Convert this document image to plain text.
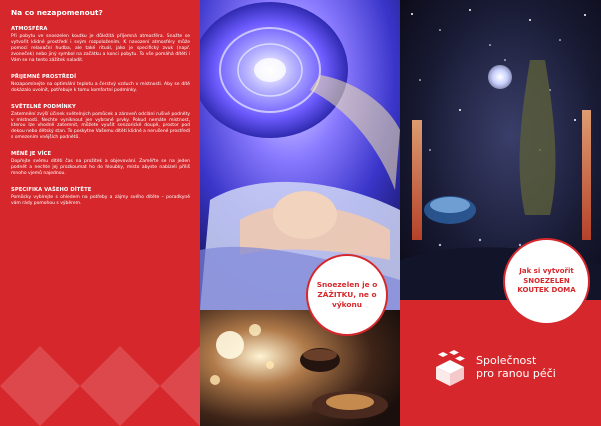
Na co nezapomenout?
ATMOSFÉRA
Při pobytu ve snoezelen koutku je důležitá příjemná atmosféra. Snažte se vytvořit klidné prostředí i svým rozpoložením. K navození atmosféry může pomoci relaxační hudba, ale také rituál, jako je specifický zvuk (např. zvoneček) nebo jiný symbol na začátku a konci pobytu. To vše pomáhá dítěti i Vám se na tento zážitek naladit.
PŘIJEMNÉ PROSTŘEDÍ
Nezapomínejte na optimální teplotu a čerstvý vzduch v místnosti. Aby se dítě dokázalo uvolnit, potřebuje k tomu komfortní podmínky.
SVĚTELNÉ PODMÍNKY
Zatemnění zvýší účinek světelných pomůcek a zároveň odclání rušivé podněty v místnosti. Nechte vyniknout jen vybrané prvky. Pokud nemáte místnost, kterou lze vhodně zatemnit, můžete vyušít senzorické doupě, prostor pod dekou nebo dětský stan. To poskytne Vašemu dítěti klidné a nerušené prostředí s omezením vnějších podnětů.
MÉNĚ JE VÍCE
Dopřejte svému dítěti čas na prožitek a objevování. Zaměřte se na jeden podnět a nechte jej prozkoumat ho do hloubky, místo abyste nabízeli příliš mnoho vjemů najednou.
SPECIFIKA VAŠEHO DÍTĚTE
Pomůcky vybírejte s ohledem na potřeby a zájmy svého dítěte – poradkyně vám rády pomohou s výběrem.
Snoezelen je o ZÁŽITKU, ne o výkonu
Jak si vytvořit SNOEZELEN KOUTEK DOMA
Společnost
pro ranou péči
